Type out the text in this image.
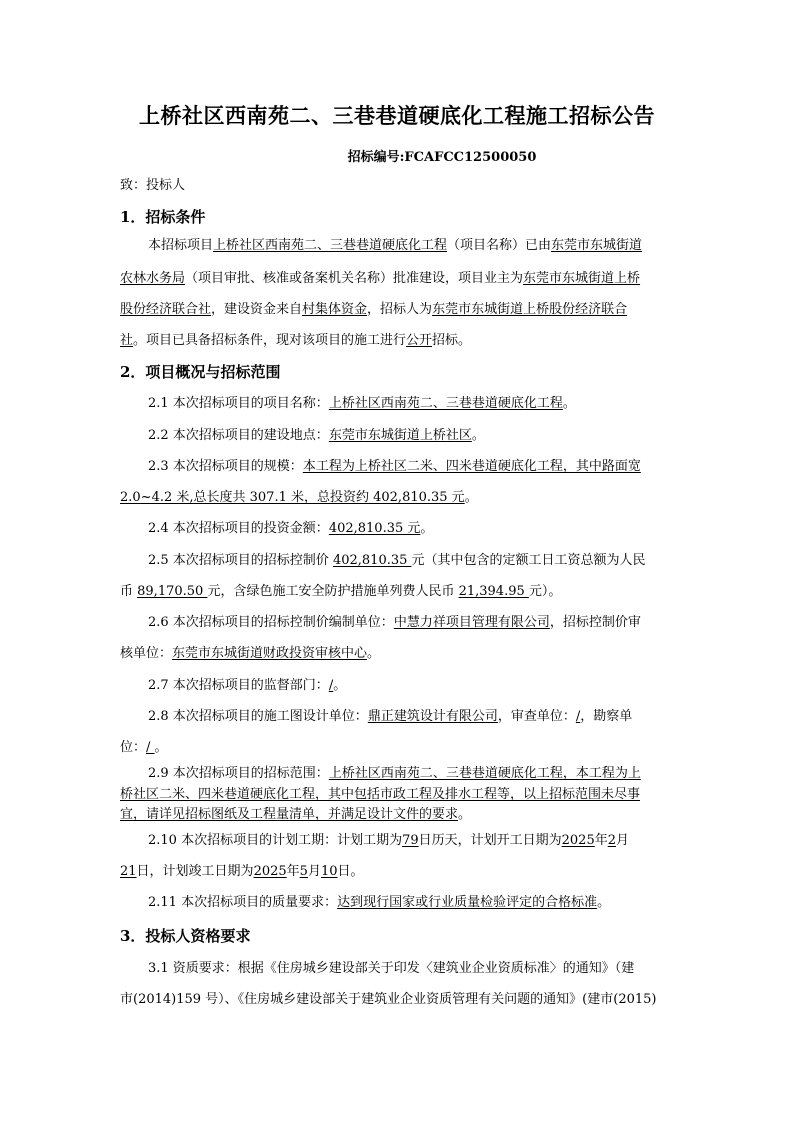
上桥社区西南苑二、三巷巷道硬底化工程施工招标公告
招标编号:FCAFCC12500050
致：投标人
1．招标条件
本招标项目上桥社区西南苑二、三巷巷道硬底化工程（项目名称）已由东莞市东城街道
农林水务局（项目审批、核准或备案机关名称）批准建设，项目业主为东莞市东城街道上桥
股份经济联合社，建设资金来自村集体资金，招标人为东莞市东城街道上桥股份经济联合
社。项目已具备招标条件，现对该项目的施工进行公开招标。
2．项目概况与招标范围
2.1 本次招标项目的项目名称：上桥社区西南苑二、三巷巷道硬底化工程。
2.2 本次招标项目的建设地点：东莞市东城街道上桥社区。
2.3 本次招标项目的规模：本工程为上桥社区二米、四米巷道硬底化工程，其中路面宽
2.0~4.2 米,总长度共 307.1 米，总投资约 402,810.35 元。
2.4 本次招标项目的投资金额：402,810.35 元。
2.5 本次招标项目的招标控制价 402,810.35 元（其中包含的定额工日工资总额为人民
币 89,170.50 元，含绿色施工安全防护措施单列费人民币 21,394.95 元）。
2.6 本次招标项目的招标控制价编制单位：中慧力祥项目管理有限公司，招标控制价审
核单位：东莞市东城街道财政投资审核中心。
2.7 本次招标项目的监督部门：/。
2.8 本次招标项目的施工图设计单位：鼎正建筑设计有限公司，审查单位：/，勘察单
位：/ 。
2.9 本次招标项目的招标范围：上桥社区西南苑二、三巷巷道硬底化工程，本工程为上
桥社区二米、四米巷道硬底化工程，其中包括市政工程及排水工程等，以上招标范围未尽事
宜，请详见招标图纸及工程量清单，并满足设计文件的要求。
2.10 本次招标项目的计划工期：计划工期为79日历天，计划开工日期为2025年2月
21日，计划竣工日期为2025年5月10日。
2.11 本次招标项目的质量要求：达到现行国家或行业质量检验评定的合格标准。
3．投标人资格要求
3.1 资质要求：根据《住房城乡建设部关于印发〈建筑业企业资质标准〉的通知》（建
市(2014)159 号）、《住房城乡建设部关于建筑业企业资质管理有关问题的通知》(建市(2015)
